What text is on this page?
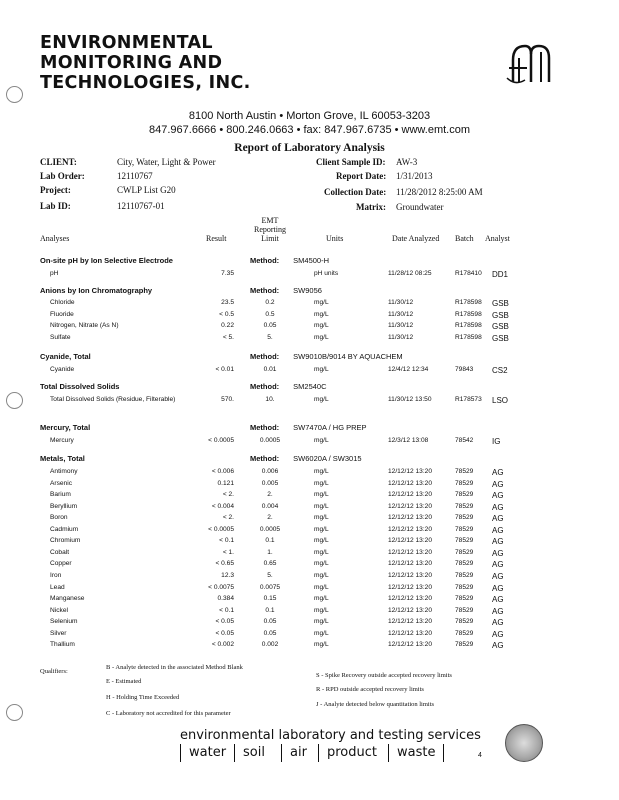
ENVIRONMENTAL
MONITORING AND
TECHNOLOGIES, INC.
8100 North Austin • Morton Grove, IL 60053-3203
847.967.6666 • 800.246.0663 • fax: 847.967.6735 • www.emt.com
Report of Laboratory Analysis
CLIENT:	City, Water, Light & Power
Lab Order:	12110767
Project:	CWLP List G20
Lab ID:	12110767-01
Client Sample ID: AW-3
Report Date: 1/31/2013
Collection Date: 11/28/2012 8:25:00 AM
Matrix: Groundwater
Analyses	Result
EMT
Reporting
Limit	Units	Date Analyzed Batch Analyst
On-site pH by Ion Selective Electrode	Method: SM4500-H
pH	7.35	pH units	11/28/12 08:25	R178410 DD1
Anions by Ion Chromatography	Method: SW9056
Chloride	23.5	0.2	mg/L	11/30/12	R178598 GSB
Fluoride	< 0.5	0.5	mg/L	11/30/12	R178598 GSB
Nitrogen, Nitrate (As N)	0.22	0.05	mg/L	11/30/12	R178598 GSB
Sulfate	< 5.	5.	mg/L	11/30/12	R178598 GSB
Cyanide, Total	Method: SW9010B/9014 BY AQUACHEM
Cyanide	< 0.01	0.01	mg/L	12/4/12 12:34	79843 CS2
Total Dissolved Solids	Method: SM2540C
Total Dissolved Solids (Residue, Filterable)	570.	10.	mg/L	11/30/12 13:50	R178573 LSO
Mercury, Total	Method: SW7470A / HG PREP
Mercury	< 0.0005	0.0005	mg/L	12/3/12 13:08	78542 IG
Metals, Total	Method: SW6020A / SW3015
Antimony	< 0.006	0.006	mg/L	12/12/12 13:20	78529 AG
Arsenic	0.121	0.005	mg/L	12/12/12 13:20	78529 AG
Barium	< 2.	2.	mg/L	12/12/12 13:20	78529 AG
Beryllium	< 0.004	0.004	mg/L	12/12/12 13:20	78529 AG
Boron	< 2.	2.	mg/L	12/12/12 13:20	78529 AG
Cadmium	< 0.0005	0.0005	mg/L	12/12/12 13:20	78529 AG
Chromium	< 0.1	0.1	mg/L	12/12/12 13:20	78529 AG
Cobalt	< 1.	1.	mg/L	12/12/12 13:20	78529 AG
Copper	< 0.65	0.65	mg/L	12/12/12 13:20	78529 AG
Iron	12.3	5.	mg/L	12/12/12 13:20	78529 AG
Lead	< 0.0075	0.0075	mg/L	12/12/12 13:20	78529 AG
Manganese	0.384	0.15	mg/L	12/12/12 13:20	78529 AG
Nickel	< 0.1	0.1	mg/L	12/12/12 13:20	78529 AG
Selenium	< 0.05	0.05	mg/L	12/12/12 13:20	78529 AG
Silver	< 0.05	0.05	mg/L	12/12/12 13:20	78529 AG
Thallium	< 0.002	0.002	mg/L	12/12/12 13:20	78529 AG
Qualifiers:
B - Analyte detected in the associated Method Blank
E - Estimated
H - Holding Time Exceeded
C - Laboratory not accredited for this parameter
S - Spike Recovery outside accepted recovery limits
R - RPD outside accepted recovery limits
J - Analyte detected below quantitation limits
environmental laboratory and testing services
water	soil	air	product	waste	4
